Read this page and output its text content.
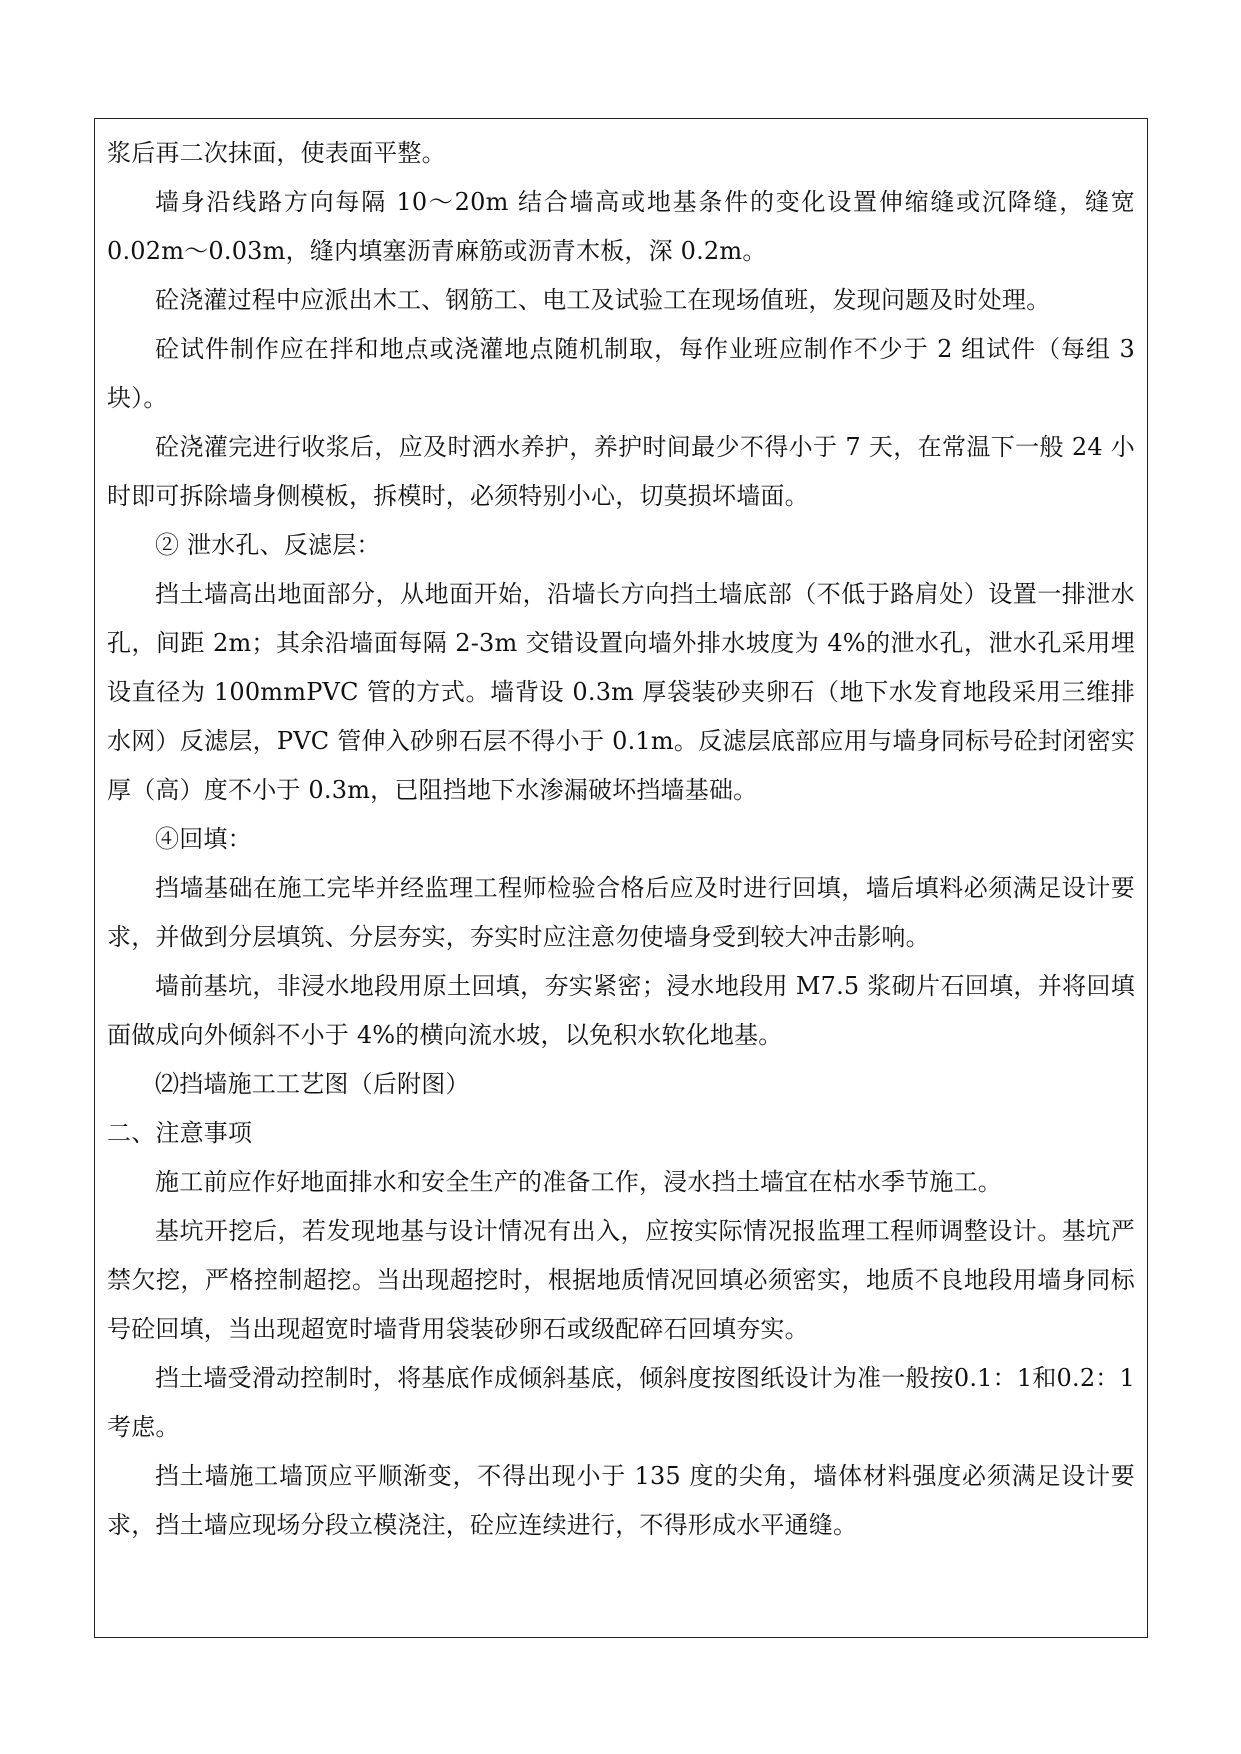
浆后再二次抹面，使表面平整。

墙身沿线路方向每隔 10～20m 结合墙高或地基条件的变化设置伸缩缝或沉降缝，缝宽 0.02m～0.03m，缝内填塞沥青麻筋或沥青木板，深 0.2m。

砼浇灌过程中应派出木工、钢筋工、电工及试验工在现场值班，发现问题及时处理。

砼试件制作应在拌和地点或浇灌地点随机制取，每作业班应制作不少于 2 组试件（每组 3 块）。

砼浇灌完进行收浆后，应及时洒水养护，养护时间最少不得小于 7 天，在常温下一般 24 小时即可拆除墙身侧模板，拆模时，必须特别小心，切莫损坏墙面。

② 泄水孔、反滤层：

挡土墙高出地面部分，从地面开始，沿墙长方向挡土墙底部（不低于路肩处）设置一排泄水孔，间距 2m；其余沿墙面每隔 2-3m 交错设置向墙外排水坡度为 4%的泄水孔，泄水孔采用埋设直径为 100mmPVC 管的方式。墙背设 0.3m 厚袋装砂夹卵石（地下水发育地段采用三维排水网）反滤层，PVC 管伸入砂卵石层不得小于 0.1m。反滤层底部应用与墙身同标号砼封闭密实厚（高）度不小于 0.3m，已阻挡地下水渗漏破坏挡墙基础。

④回填：

挡墙基础在施工完毕并经监理工程师检验合格后应及时进行回填，墙后填料必须满足设计要求，并做到分层填筑、分层夯实，夯实时应注意勿使墙身受到较大冲击影响。

墙前基坑，非浸水地段用原土回填，夯实紧密；浸水地段用 M7.5 浆砌片石回填，并将回填面做成向外倾斜不小于 4%的横向流水坡，以免积水软化地基。

⑵挡墙施工工艺图（后附图）

二、注意事项

施工前应作好地面排水和安全生产的准备工作，浸水挡土墙宜在枯水季节施工。

基坑开挖后，若发现地基与设计情况有出入，应按实际情况报监理工程师调整设计。基坑严禁欠挖，严格控制超挖。当出现超挖时，根据地质情况回填必须密实，地质不良地段用墙身同标号砼回填，当出现超宽时墙背用袋装砂卵石或级配碎石回填夯实。

挡土墙受滑动控制时，将基底作成倾斜基底，倾斜度按图纸设计为准一般按0.1：1和0.2：1 考虑。

挡土墙施工墙顶应平顺渐变，不得出现小于 135 度的尖角，墙体材料强度必须满足设计要求，挡土墙应现场分段立模浇注，砼应连续进行，不得形成水平通缝。
